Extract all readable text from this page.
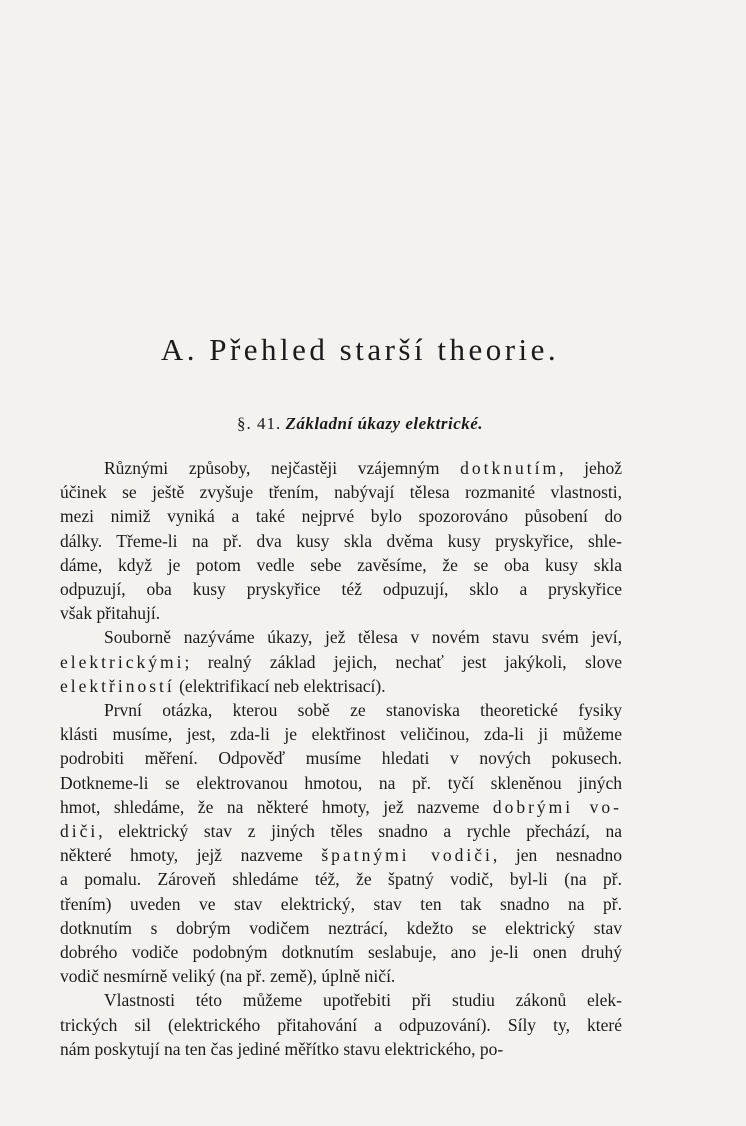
A. Přehled starší theorie.
§. 41. Základní úkazy elektrické.
Různými způsoby, nejčastěji vzájemným dotknutím, jehož
účinek se ještě zvyšuje třením, nabývají tělesa rozmanité vlastnosti,
mezi nimiž vyniká a také nejprvé bylo spozorováno působení do
dálky. Třeme-li na př. dva kusy skla dvěma kusy pryskyřice, shle-
dáme, když je potom vedle sebe zavěsíme, že se oba kusy skla
odpuzují, oba kusy pryskyřice též odpuzují, sklo a pryskyřice
však přitahují.
Souborně nazýváme úkazy, jež tělesa v novém stavu svém jeví,
elektrickými; realný základ jejich, nechať jest jakýkoli, slove
elektřiností (elektrifikací neb elektrisací).
První otázka, kterou sobě ze stanoviska theoretické fysiky
klásti musíme, jest, zda-li je elektřinost veličinou, zda-li ji můžeme
podrobiti měření. Odpověď musíme hledati v nových pokusech.
Dotkneme-li se elektrovanou hmotou, na př. tyčí skleněnou jiných
hmot, shledáme, že na některé hmoty, jež nazveme dobrými vo-
diči, elektrický stav z jiných těles snadno a rychle přechází, na
některé hmoty, jejž nazveme špatnými vodiči, jen nesnadno
a pomalu. Zároveň shledáme též, že špatný vodič, byl-li (na př.
třením) uveden ve stav elektrický, stav ten tak snadno na př.
dotknutím s dobrým vodičem neztrácí, kdežto se elektrický stav
dobrého vodiče podobným dotknutím seslabuje, ano je-li onen druhý
vodič nesmírně veliký (na př. země), úplně ničí.
Vlastnosti této můžeme upotřebiti při studiu zákonů elek-
trických sil (elektrického přitahování a odpuzování). Síly ty, které
nám poskytují na ten čas jediné měřítko stavu elektrického, po-
